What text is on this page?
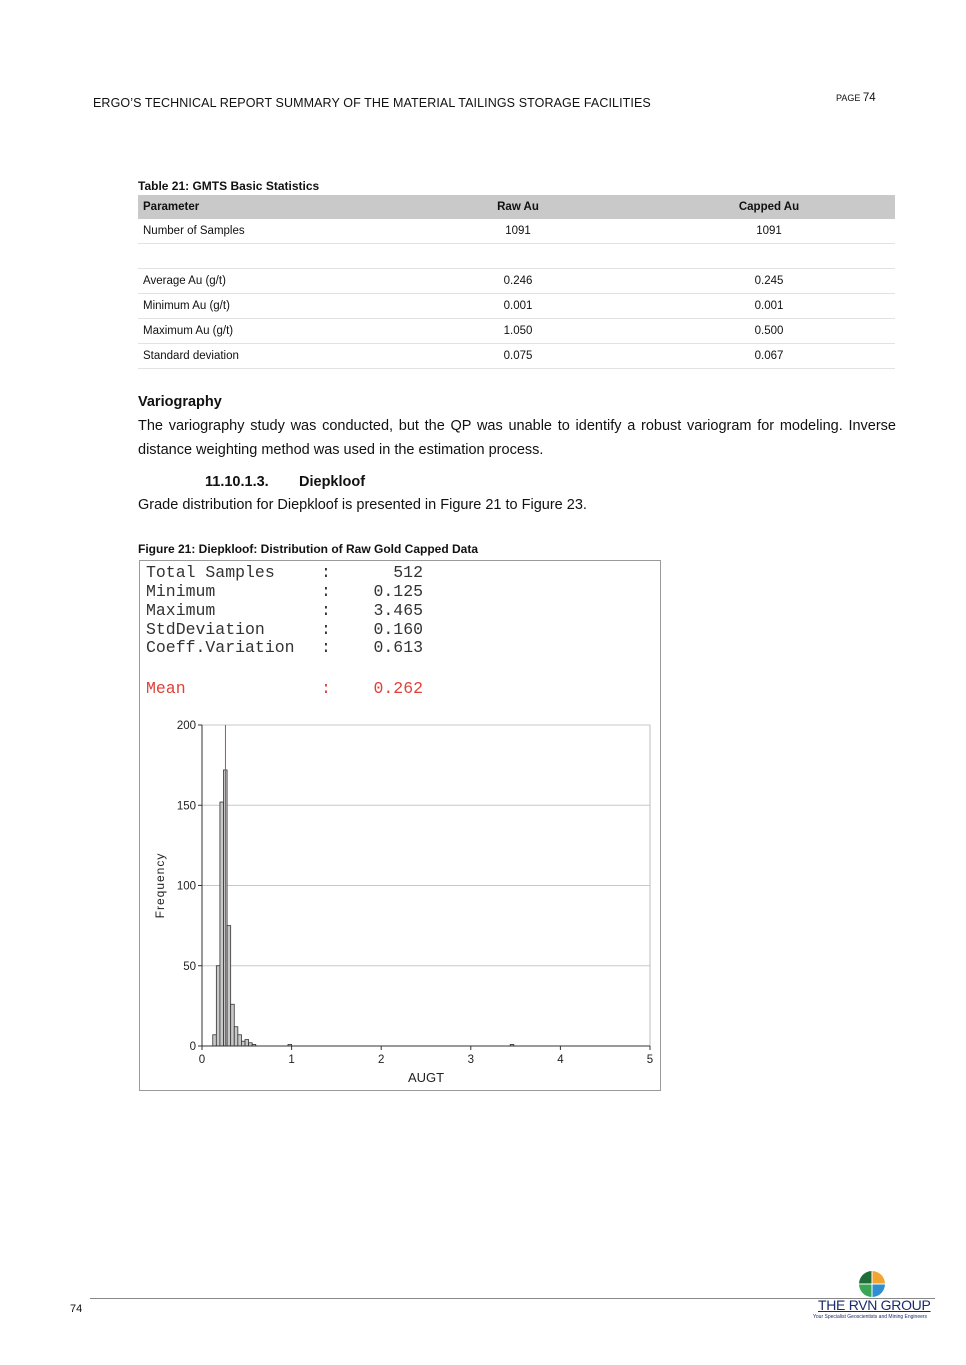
ERGO’S TECHNICAL REPORT SUMMARY OF THE MATERIAL TAILINGS STORAGE FACILITIES	PAGE 74
Table 21: GMTS Basic Statistics
Parameter	Raw Au	Capped Au
Number of Samples	1091	1091

Average Au (g/t)	0.246	0.245
Minimum Au (g/t)	0.001	0.001
Maximum Au (g/t)	1.050	0.500
Standard deviation	0.075	0.067
Variography
The variography study was conducted, but the QP was unable to identify a robust variogram for modeling. Inverse distance weighting method was used in the estimation process.
11.10.1.3. Diepkloof
Grade distribution for Diepkloof is presented in Figure 21 to Figure 23.
Figure 21: Diepkloof: Distribution of Raw Gold Capped Data
Total Samples	:	512
Minimum	:	0.125
Maximum	:	3.465
StdDeviation	:	0.160
Coeff.Variation :	0.613
Mean	:	0.262
0
50
100
150
200
0	1	2	3	4	5
AUGT
Frequency
74	THE RVN GROUP
Your Specialist Geoscientists and Mining Engineers
